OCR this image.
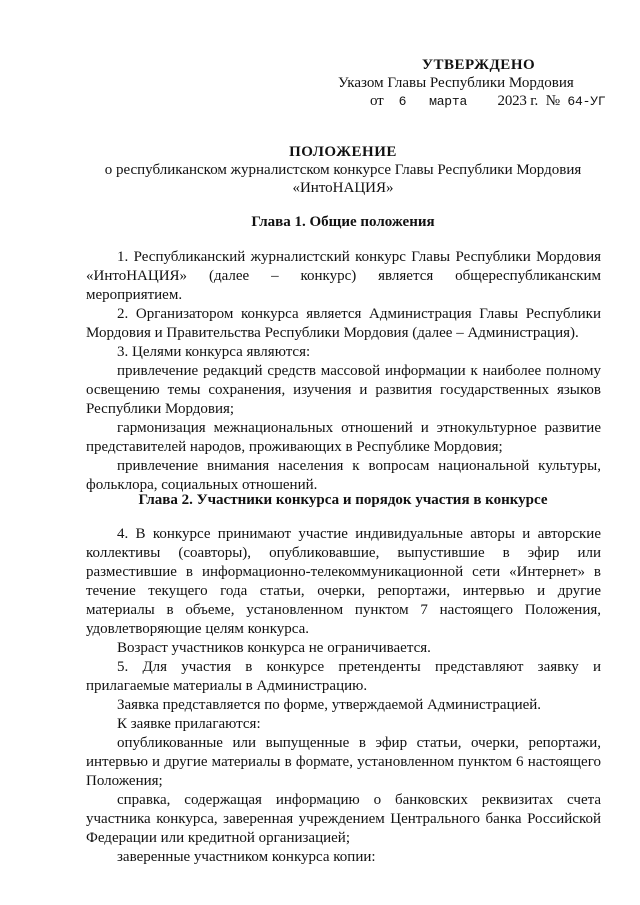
УТВЕРЖДЕНО
Указом Главы Республики Мордовия
от 6 марта 2023 г. № 64-УГ
ПОЛОЖЕНИЕ
о республиканском журналистском конкурсе Главы Республики Мордовия
«ИнтоНАЦИЯ»
Глава 1. Общие положения

1. Республиканский журналистский конкурс Главы Республики Мордовия «ИнтоНАЦИЯ» (далее – конкурс) является общереспубликанским мероприятием.

2. Организатором конкурса является Администрация Главы Республики Мордовия и Правительства Республики Мордовия (далее – Администрация).

3. Целями конкурса являются:

привлечение редакций средств массовой информации к наиболее полному освещению темы сохранения, изучения и развития государственных языков Республики Мордовия;

гармонизация межнациональных отношений и этнокультурное развитие представителей народов, проживающих в Республике Мордовия;

привлечение внимания населения к вопросам национальной культуры, фольклора, социальных отношений.

Глава 2. Участники конкурса и порядок участия в конкурсе

4. В конкурсе принимают участие индивидуальные авторы и авторские коллективы (соавторы), опубликовавшие, выпустившие в эфир или разместившие в информационно-телекоммуникационной сети «Интернет» в течение текущего года статьи, очерки, репортажи, интервью и другие материалы в объеме, установленном пунктом 7 настоящего Положения, удовлетворяющие целям конкурса.

Возраст участников конкурса не ограничивается.

5. Для участия в конкурсе претенденты представляют заявку и прилагаемые материалы в Администрацию.

Заявка представляется по форме, утверждаемой Администрацией.

К заявке прилагаются:

опубликованные или выпущенные в эфир статьи, очерки, репортажи, интервью и другие материалы в формате, установленном пунктом 6 настоящего Положения;

справка, содержащая информацию о банковских реквизитах счета участника конкурса, заверенная учреждением Центрального банка Российской Федерации или кредитной организацией;

заверенные участником конкурса копии:
